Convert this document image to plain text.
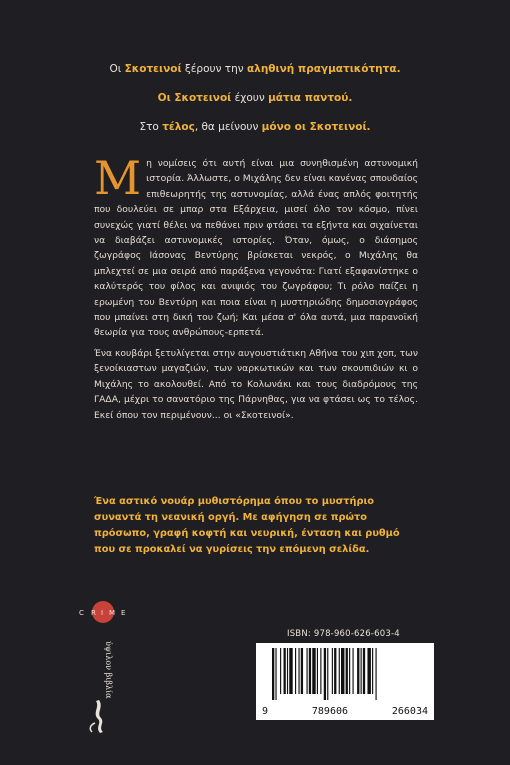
Οι Σκοτεινοί ξέρουν την αληθινή πραγματικότητα.

Οι Σκοτεινοί έχουν μάτια παντού.

Στο τέλος, θα μείνουν μόνο οι Σκοτεινοί.

Μη νομίσεις ότι αυτή είναι μια συνηθισμένη αστυνομική ιστορία. Άλλωστε, ο Μιχάλης δεν είναι κανένας σπουδαίος επιθεωρητής της αστυνομίας, αλλά ένας απλός φοιτητής που δουλεύει σε μπαρ στα Εξάρχεια, μισεί όλο τον κόσμο, πίνει συνεχώς γιατί θέλει να πεθάνει πριν φτάσει τα εξήντα και σιχαίνεται να διαβάζει αστυνομικές ιστορίες. Όταν, όμως, ο διάσημος ζωγράφος Ιάσονας Βεντύρης βρίσκεται νεκρός, ο Μιχάλης θα μπλεχτεί σε μια σειρά από παράξενα γεγονότα: Γιατί εξαφανίστηκε ο καλύτερός του φίλος και ανιψιός του ζωγράφου; Τι ρόλο παίζει η ερωμένη του Βεντύρη και ποια είναι η μυστηριώδης δημοσιογράφος που μπαίνει στη δική του ζωή; Και μέσα σ' όλα αυτά, μια παρανοϊκή θεωρία για τους ανθρώπους-ερπετά.

Ένα κουβάρι ξετυλίγεται στην αυγουστιάτικη Αθήνα του χιπ χοπ, των ξενοίκιαστων μαγαζιών, των ναρκωτικών και των σκουπιδιών κι ο Μιχάλης το ακολουθεί. Από το Κολωνάκι και τους διαδρόμους της ΓΑΔΑ, μέχρι το σανατόριο της Πάρνηθας, για να φτάσει ως το τέλος. Εκεί όπου τον περιμένουν... οι «Σκοτεινοί».

Ένα αστικό νουάρ μυθιστόρημα όπου το μυστήριο συναντά τη νεανική οργή. Με αφήγηση σε πρώτο πρόσωπο, γραφή κοφτή και νευρική, ένταση και ρυθμό που σε προκαλεί να γυρίσεις την επόμενη σελίδα.
C R I M E
ύψιλον βιβλία
ISBN: 978-960-626-603-4
9	789606	266034
